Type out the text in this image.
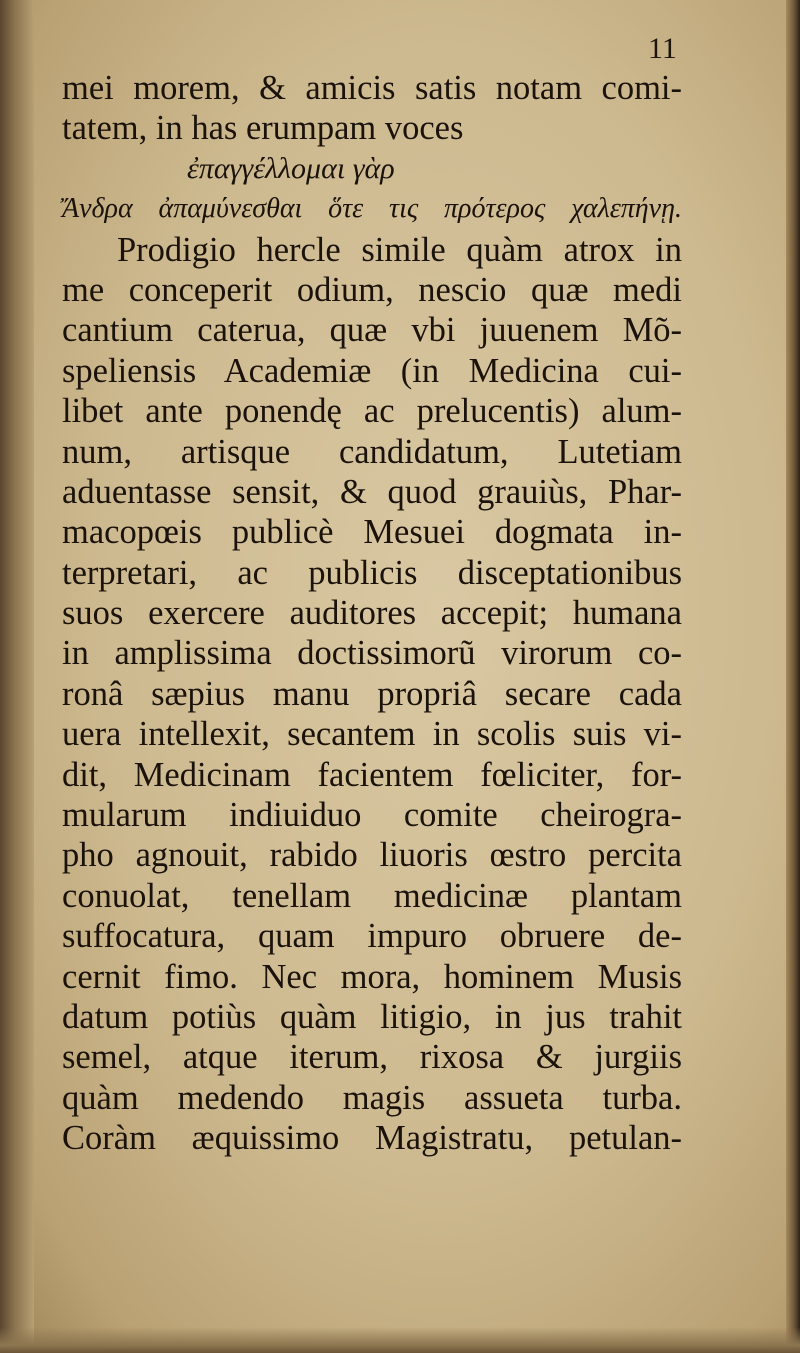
11
mei morem, & amicis satis notam comi-
tatem, in has erumpam voces
ἐπαγγέλλομαι γὰρ
Ἄνδρα ἀπαμύνεσθαι ὅτε τις πρότερος χαλεπήνῃ.
Prodigio hercle simile quàm atrox in
me conceperit odium, nescio quæ medi
cantium caterua, quæ vbi juuenem Mõ-
speliensis Academiæ (in Medicina cui-
libet ante ponendę ac prelucentis) alum-
num, artisque candidatum, Lutetiam
aduentasse sensit, & quod grauiùs, Phar-
macopœis publicè Mesuei dogmata in-
terpretari, ac publicis disceptationibus
suos exercere auditores accepit; humana
in amplissima doctissimorũ virorum co-
ronâ sæpius manu propriâ secare cada
uera intellexit, secantem in scolis suis vi-
dit, Medicinam facientem fœliciter, for-
mularum indiuiduo comite cheirogra-
pho agnouit, rabido liuoris œstro percita
conuolat, tenellam medicinæ plantam
suffocatura, quam impuro obruere de-
cernit fimo. Nec mora, hominem Musis
datum potiùs quàm litigio, in jus trahit
semel, atque iterum, rixosa & jurgiis
quàm medendo magis assueta turba.
Coràm æquissimo Magistratu, petulan-
